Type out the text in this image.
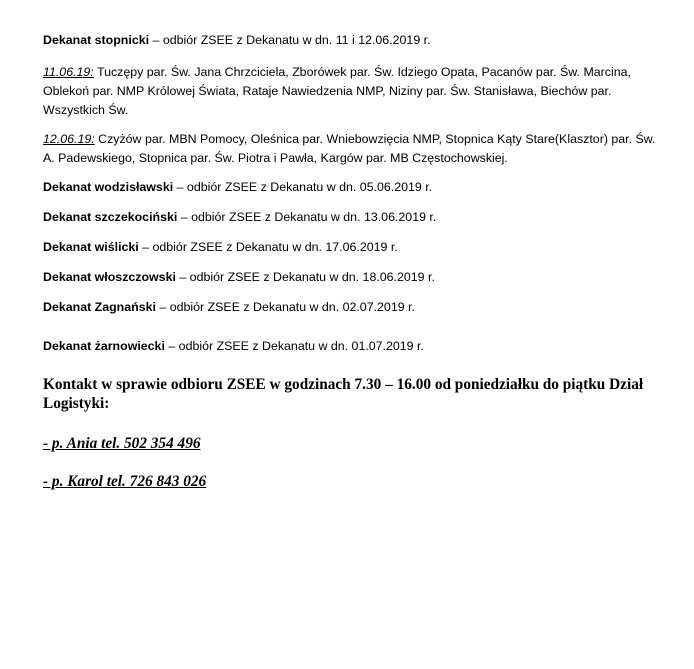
Dekanat stopnicki – odbiór ZSEE z Dekanatu w dn. 11 i 12.06.2019 r.
11.06.19: Tuczępy par. Św. Jana Chrzciciela, Zborówek par. Św. Idziego Opata, Pacanów par. Św. Marcina, Oblekoń par. NMP Królowej Świata, Rataje Nawiedzenia NMP, Niziny par. Św. Stanisława, Biechów par. Wszystkich Św.
12.06.19: Czyżów par. MBN Pomocy, Oleśnica par. Wniebowzięcia NMP, Stopnica Kąty Stare(Klasztor) par. Św. A. Padewskiego, Stopnica par. Św. Piotra i Pawła, Kargów par. MB Częstochowskiej.
Dekanat wodzisławski – odbiór ZSEE z Dekanatu w dn. 05.06.2019 r.
Dekanat szczekociński – odbiór ZSEE z Dekanatu w dn. 13.06.2019 r.
Dekanat wiślicki – odbiór ZSEE z Dekanatu w dn. 17.06.2019 r.
Dekanat włoszczowski – odbiór ZSEE z Dekanatu w dn. 18.06.2019 r.
Dekanat Zagnański – odbiór ZSEE z Dekanatu w dn. 02.07.2019 r.
Dekanat żarnowiecki – odbiór ZSEE z Dekanatu w dn. 01.07.2019 r.
Kontakt w sprawie odbioru ZSEE w godzinach 7.30 – 16.00 od poniedziałku do piątku Dział Logistyki:
- p. Ania tel. 502 354 496
- p. Karol tel. 726 843 026
